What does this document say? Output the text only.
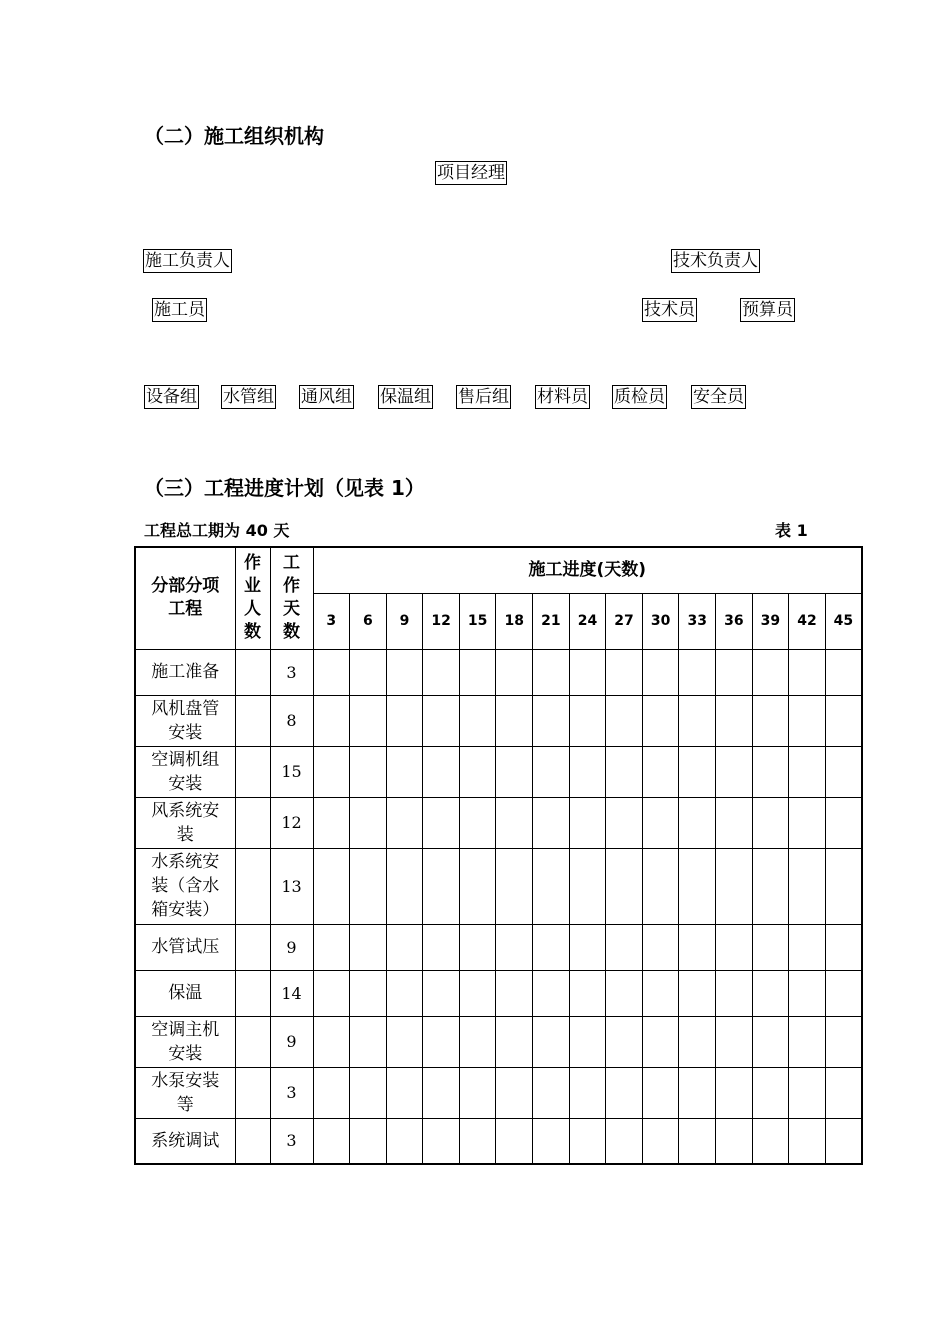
（二）施工组织机构
项目经理
施工负责人	技术负责人
施工员	技术员	预算员
设备组 水管组 通风组 保温组 售后组 材料员 质检员 安全员
（三）工程进度计划（见表 1）
工程总工期为 40 天	表 1
分部分项工程	作业人数	工作天数	施工进度(天数)														
			3	6	9	12	15	18	21	24	27	30	33	36	39	42	45
施工准备		3															
风机盘管安装		8															
空调机组安装		15															
风系统安装		12															
水系统安装（含水箱安装）		13															
水管试压		9															
保温		14															
空调主机安装		9															
水泵安装等		3															
系统调试		3															
